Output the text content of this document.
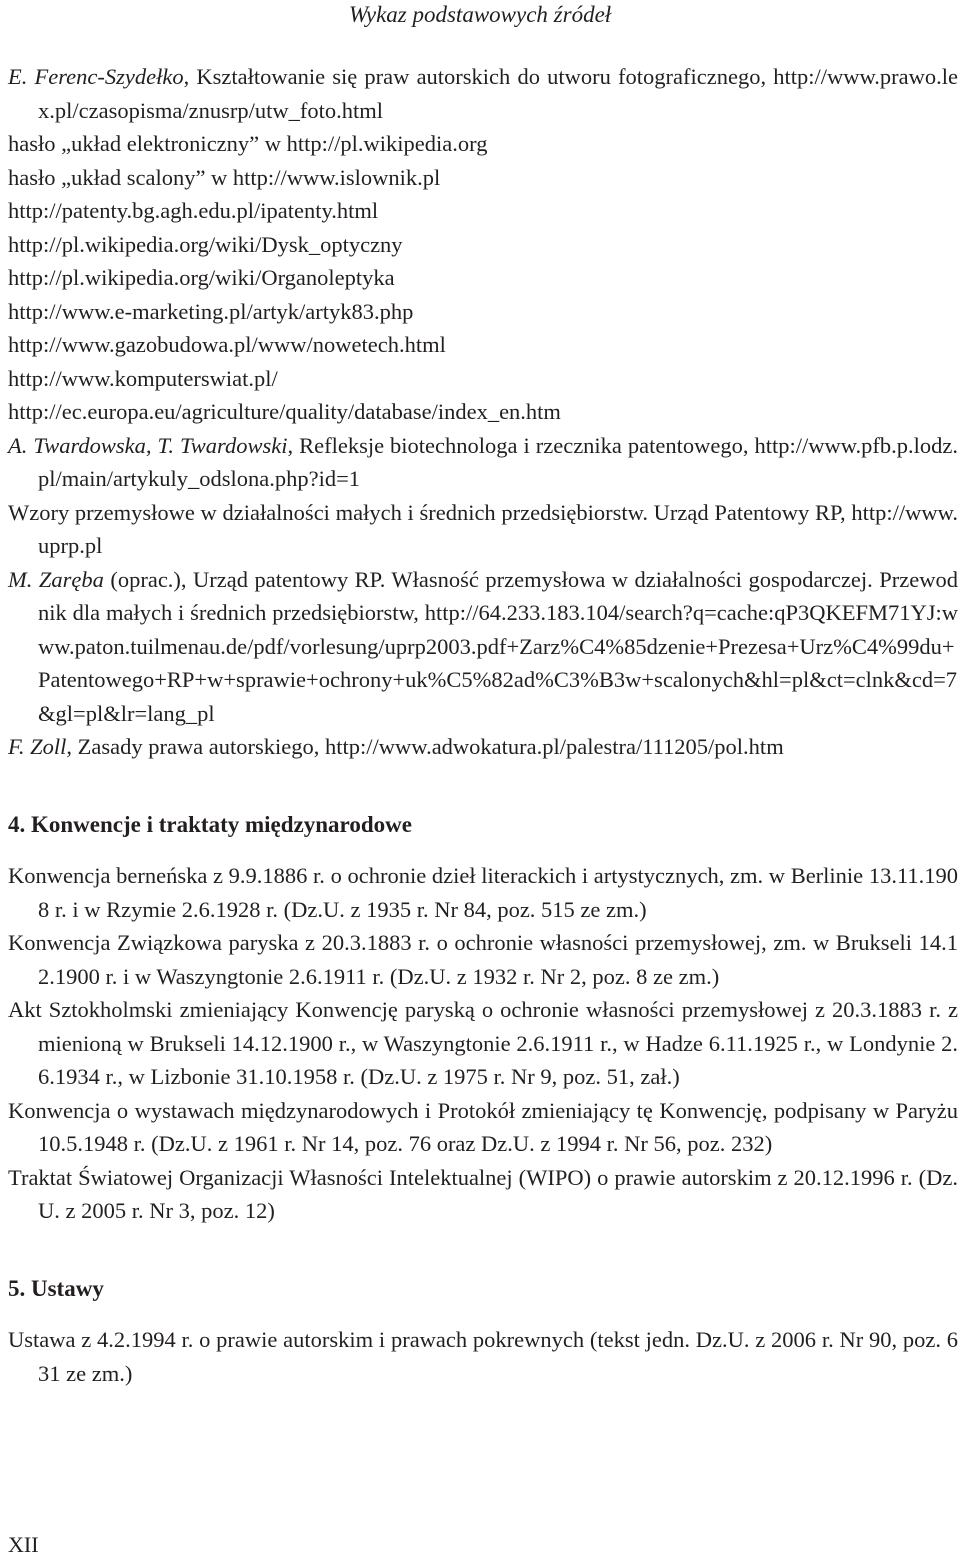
Wykaz podstawowych źródeł

E. Ferenc-Szydełko, Kształtowanie się praw autorskich do utworu fotograficznego, http://www.prawo.lex.pl/czasopisma/znusrp/utw_foto.html

hasło „układ elektroniczny” w http://pl.wikipedia.org

hasło „układ scalony” w http://www.islownik.pl

http://patenty.bg.agh.edu.pl/ipatenty.html

http://pl.wikipedia.org/wiki/Dysk_optyczny

http://pl.wikipedia.org/wiki/Organoleptyka

http://www.e-marketing.pl/artyk/artyk83.php

http://www.gazobudowa.pl/www/nowetech.html

http://www.komputerswiat.pl/

http://ec.europa.eu/agriculture/quality/database/index_en.htm

A. Twardowska, T. Twardowski, Refleksje biotechnologa i rzecznika patentowego, http://www.pfb.p.lodz.pl/main/artykuly_odslona.php?id=1

Wzory przemysłowe w działalności małych i średnich przedsiębiorstw. Urząd Patentowy RP, http://www.uprp.pl

M. Zaręba (oprac.), Urząd patentowy RP. Własność przemysłowa w działalności gospodarczej. Przewodnik dla małych i średnich przedsiębiorstw, http://64.233.183.104/search?q=cache:qP3QKEFM71YJ:www.paton.tuilmenau.de/pdf/vorlesung/uprp2003.pdf+Zarz%C4%85dzenie+Prezesa+Urz%C4%99du+Patentowego+RP+w+sprawie+ochrony+uk%C5%82ad%C3%B3w+scalonych&hl=pl&ct=clnk&cd=7&gl=pl&lr=lang_pl

F. Zoll, Zasady prawa autorskiego, http://www.adwokatura.pl/palestra/111205/pol.htm

4. Konwencje i traktaty międzynarodowe

Konwencja berneńska z 9.9.1886 r. o ochronie dzieł literackich i artystycznych, zm. w Berlinie 13.11.1908 r. i w Rzymie 2.6.1928 r. (Dz.U. z 1935 r. Nr 84, poz. 515 ze zm.)

Konwencja Związkowa paryska z 20.3.1883 r. o ochronie własności przemysłowej, zm. w Brukseli 14.12.1900 r. i w Waszyngtonie 2.6.1911 r. (Dz.U. z 1932 r. Nr 2, poz. 8 ze zm.)

Akt Sztokholmski zmieniający Konwencję paryską o ochronie własności przemysłowej z 20.3.1883 r. zmienioną w Brukseli 14.12.1900 r., w Waszyngtonie 2.6.1911 r., w Hadze 6.11.1925 r., w Londynie 2.6.1934 r., w Lizbonie 31.10.1958 r. (Dz.U. z 1975 r. Nr 9, poz. 51, zał.)

Konwencja o wystawach międzynarodowych i Protokół zmieniający tę Konwencję, podpisany w Paryżu 10.5.1948 r. (Dz.U. z 1961 r. Nr 14, poz. 76 oraz Dz.U. z 1994 r. Nr 56, poz. 232)

Traktat Światowej Organizacji Własności Intelektualnej (WIPO) o prawie autorskim z 20.12.1996 r. (Dz.U. z 2005 r. Nr 3, poz. 12)

5. Ustawy

Ustawa z 4.2.1994 r. o prawie autorskim i prawach pokrewnych (tekst jedn. Dz.U. z 2006 r. Nr 90, poz. 631 ze zm.)

XII
